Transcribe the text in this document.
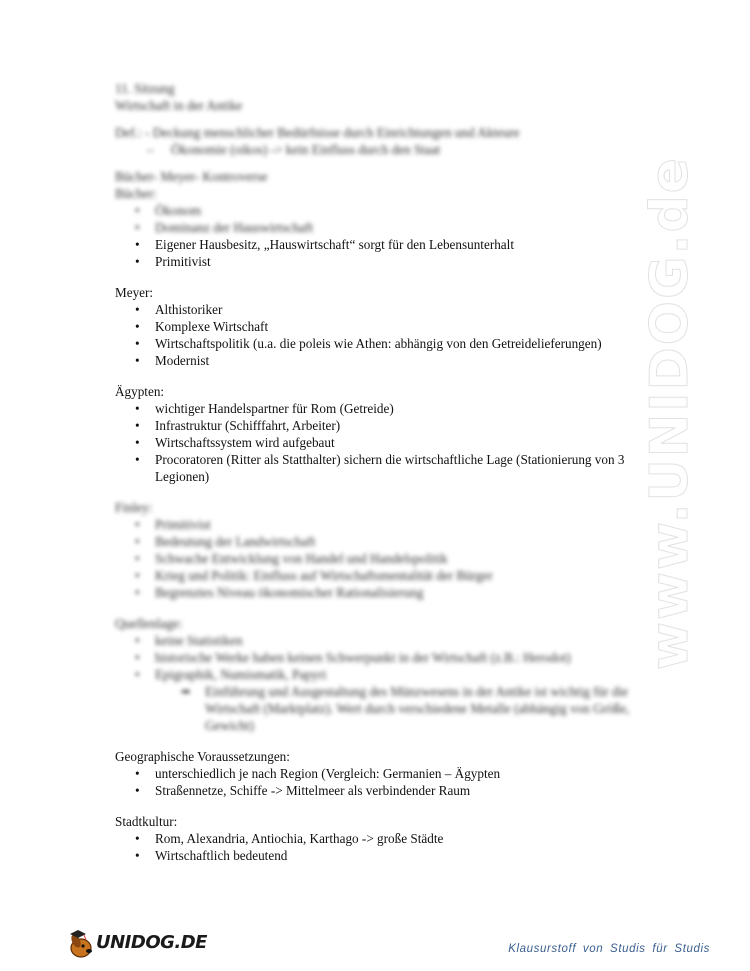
www.UNIDOG.de
11. Sitzung
Wirtschaft in der Antike
Def.: - Deckung menschlicher Bedürfnisse durch Einrichtungen und Akteure
– Ökonomie (oikos) -> kein Einfluss durch den Staat
Bücher- Meyer- Kontroverse
Bücher:
• Ökonom
• Dominanz der Hauswirtschaft
• Eigener Hausbesitz, „Hauswirtschaft“ sorgt für den Lebensunterhalt
• Primitivist
Meyer:
• Althistoriker
• Komplexe Wirtschaft
• Wirtschaftspolitik (u.a. die poleis wie Athen: abhängig von den Getreidelieferungen)
• Modernist
Ägypten:
• wichtiger Handelspartner für Rom (Getreide)
• Infrastruktur (Schifffahrt, Arbeiter)
• Wirtschaftssystem wird aufgebaut
• Procoratoren (Ritter als Statthalter) sichern die wirtschaftliche Lage (Stationierung von 3 Legionen)
Finley:
• Primitivist
• Bedeutung der Landwirtschaft
• Schwache Entwicklung von Handel und Handelspolitik
• Krieg und Politik: Einfluss auf Wirtschaftsmentalität der Bürger
• Begrenztes Niveau ökonomischer Rationalisierung
Quellenlage:
• keine Statistiken
• historische Werke haben keinen Schwerpunkt in der Wirtschaft (z.B.: Herodot)
• Epigraphik, Numismatik, Papyri
➡ Einführung und Ausgestaltung des Münzwesens in der Antike ist wichtig für die Wirtschaft (Marktplatz). Wert durch verschiedene Metalle (abhängig von Größe, Gewicht)
Geographische Voraussetzungen:
• unterschiedlich je nach Region (Vergleich: Germanien – Ägypten
• Straßennetze, Schiffe -> Mittelmeer als verbindender Raum
Stadtkultur:
• Rom, Alexandria, Antiochia, Karthago -> große Städte
• Wirtschaftlich bedeutend
UNIDOG.DE	Klausurstoff von Studis für Studis
